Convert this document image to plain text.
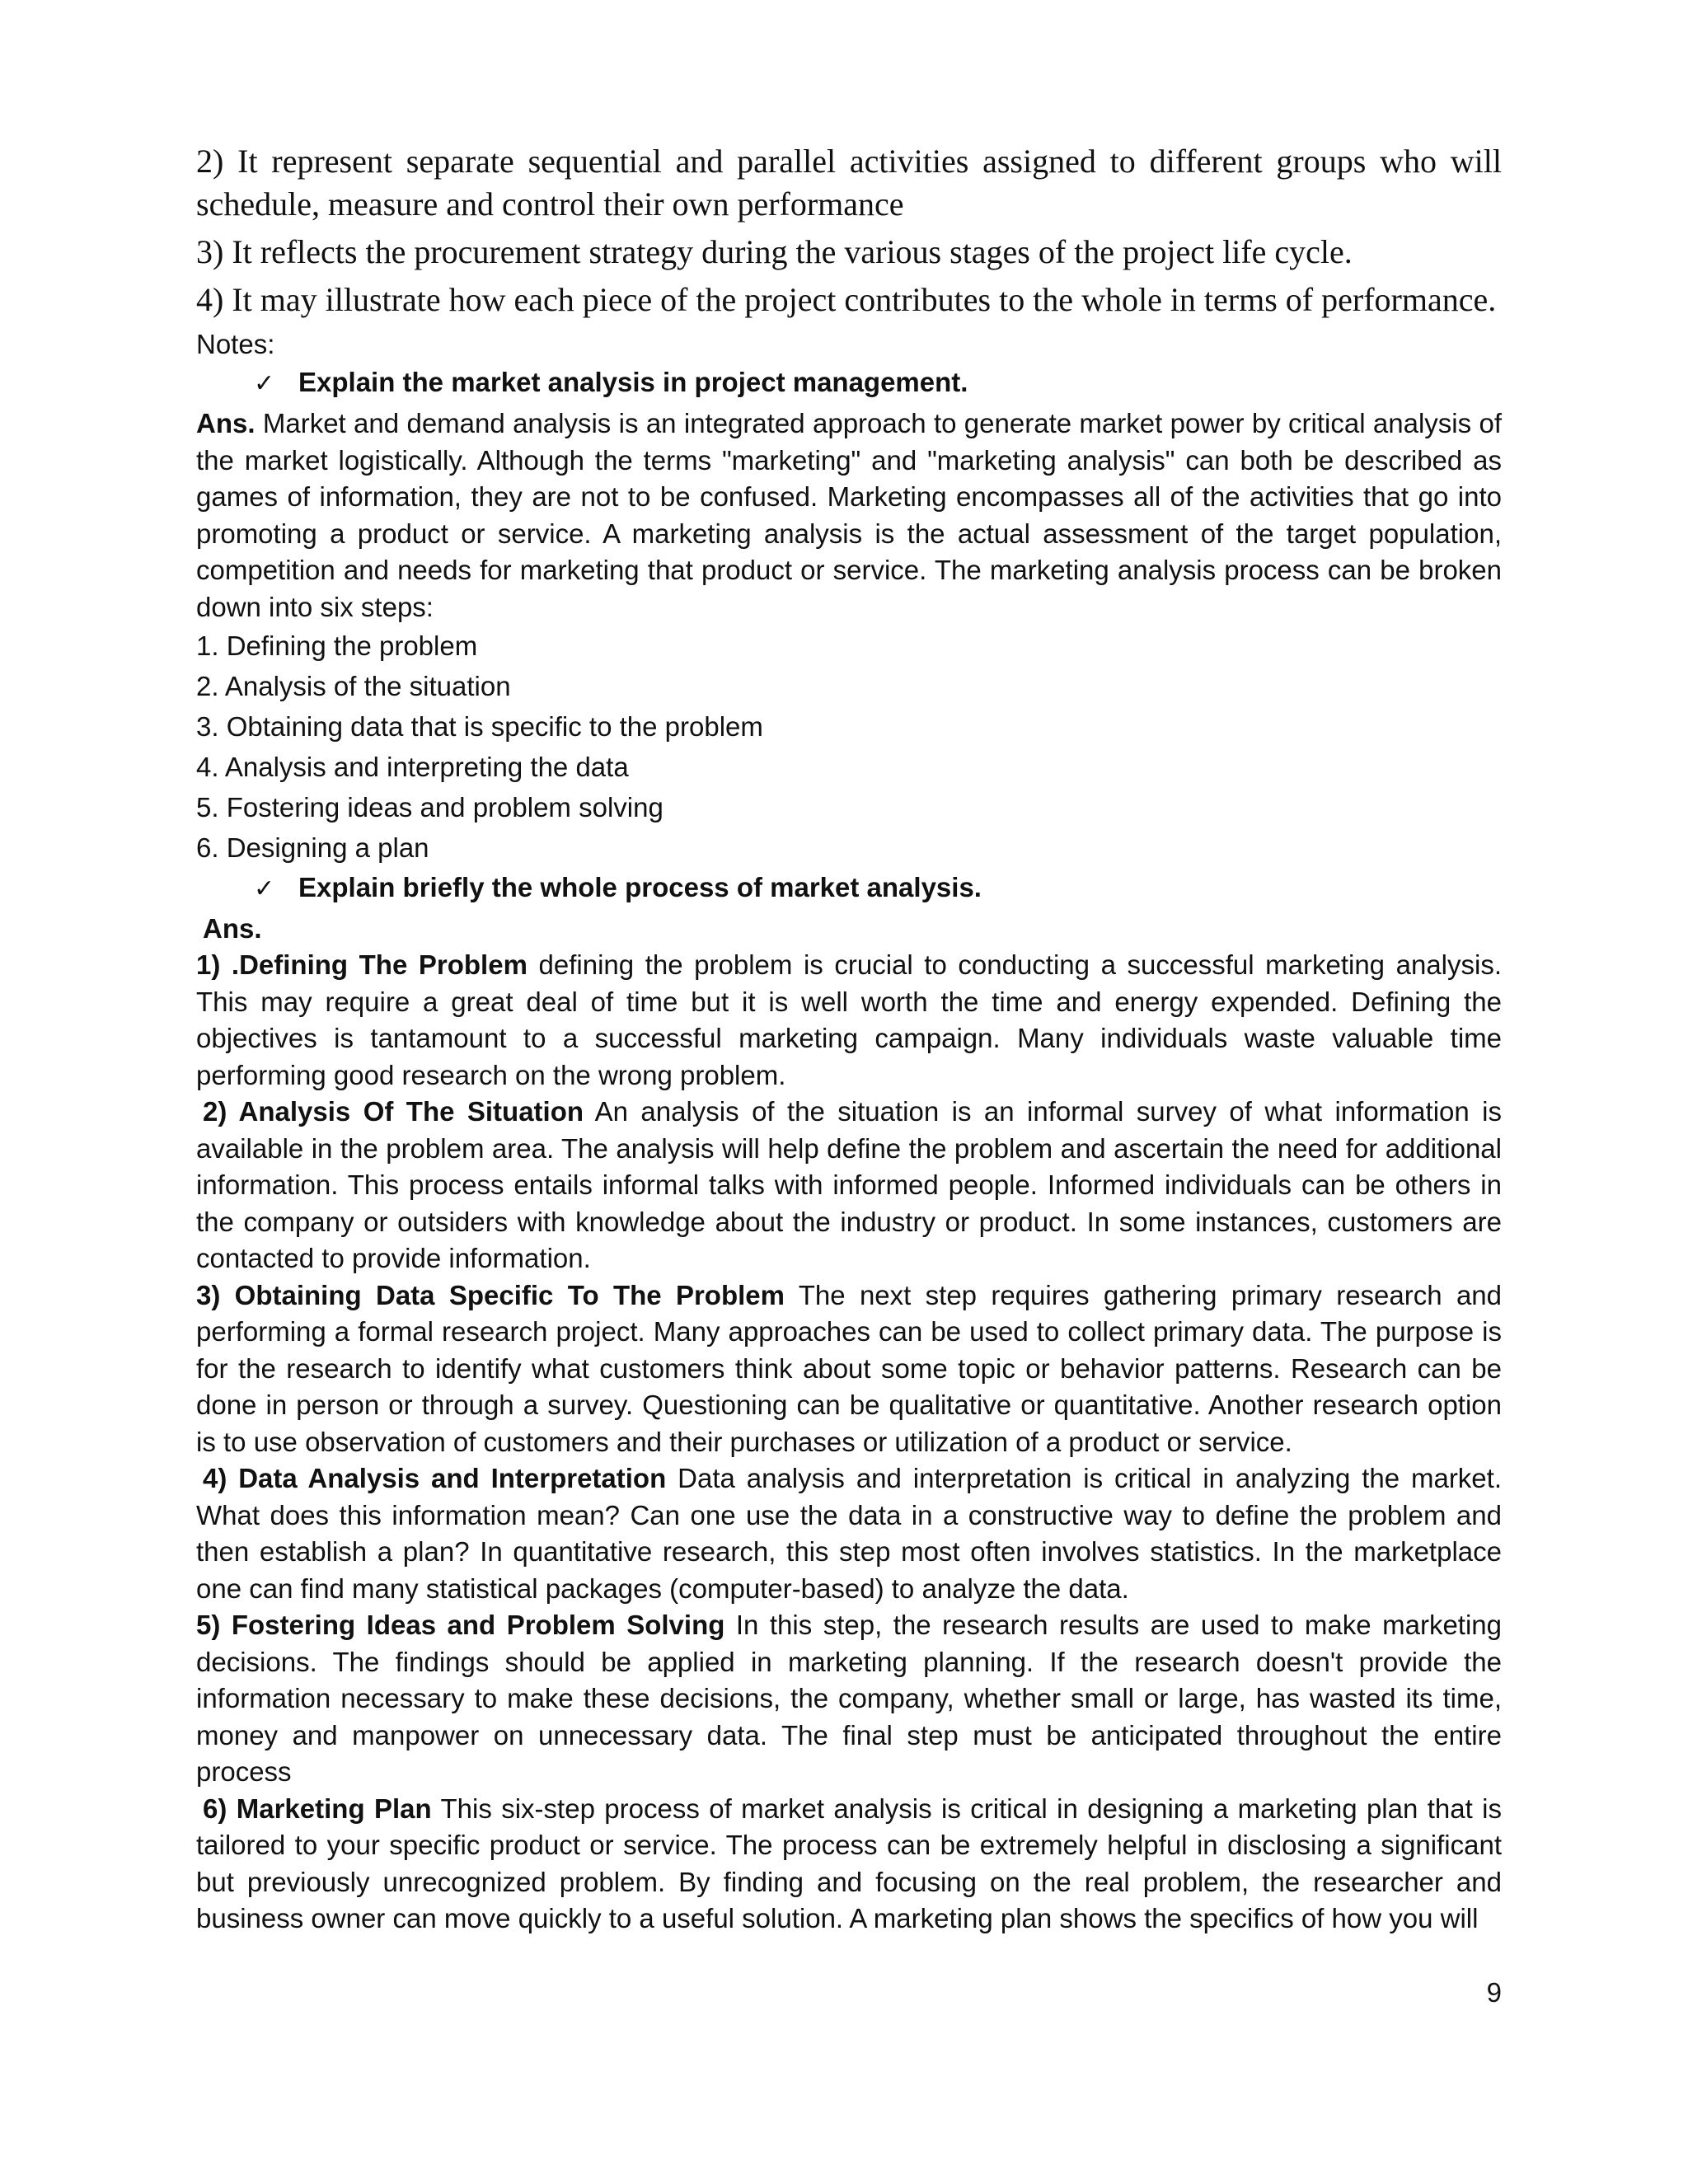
2) It represent separate sequential and parallel activities assigned to different groups who will schedule, measure and control their own performance

3) It reflects the procurement strategy during the various stages of the project life cycle.

4) It may illustrate how each piece of the project contributes to the whole in terms of performance.

Notes:

✓ Explain the market analysis in project management.

Ans. Market and demand analysis is an integrated approach to generate market power by critical analysis of the market logistically. Although the terms "marketing" and "marketing analysis" can both be described as games of information, they are not to be confused. Marketing encompasses all of the activities that go into promoting a product or service. A marketing analysis is the actual assessment of the target population, competition and needs for marketing that product or service. The marketing analysis process can be broken down into six steps:

1. Defining the problem
2. Analysis of the situation
3. Obtaining data that is specific to the problem
4. Analysis and interpreting the data
5. Fostering ideas and problem solving
6. Designing a plan

✓ Explain briefly the whole process of market analysis.

Ans.

1) .Defining The Problem defining the problem is crucial to conducting a successful marketing analysis. This may require a great deal of time but it is well worth the time and energy expended. Defining the objectives is tantamount to a successful marketing campaign. Many individuals waste valuable time performing good research on the wrong problem.

2) Analysis Of The Situation An analysis of the situation is an informal survey of what information is available in the problem area. The analysis will help define the problem and ascertain the need for additional information. This process entails informal talks with informed people. Informed individuals can be others in the company or outsiders with knowledge about the industry or product. In some instances, customers are contacted to provide information.

3) Obtaining Data Specific To The Problem The next step requires gathering primary research and performing a formal research project. Many approaches can be used to collect primary data. The purpose is for the research to identify what customers think about some topic or behavior patterns. Research can be done in person or through a survey. Questioning can be qualitative or quantitative. Another research option is to use observation of customers and their purchases or utilization of a product or service.

4) Data Analysis and Interpretation Data analysis and interpretation is critical in analyzing the market. What does this information mean? Can one use the data in a constructive way to define the problem and then establish a plan? In quantitative research, this step most often involves statistics. In the marketplace one can find many statistical packages (computer-based) to analyze the data.

5) Fostering Ideas and Problem Solving In this step, the research results are used to make marketing decisions. The findings should be applied in marketing planning. If the research doesn't provide the information necessary to make these decisions, the company, whether small or large, has wasted its time, money and manpower on unnecessary data. The final step must be anticipated throughout the entire process

6) Marketing Plan This six-step process of market analysis is critical in designing a marketing plan that is tailored to your specific product or service. The process can be extremely helpful in disclosing a significant but previously unrecognized problem. By finding and focusing on the real problem, the researcher and business owner can move quickly to a useful solution. A marketing plan shows the specifics of how you will

9
